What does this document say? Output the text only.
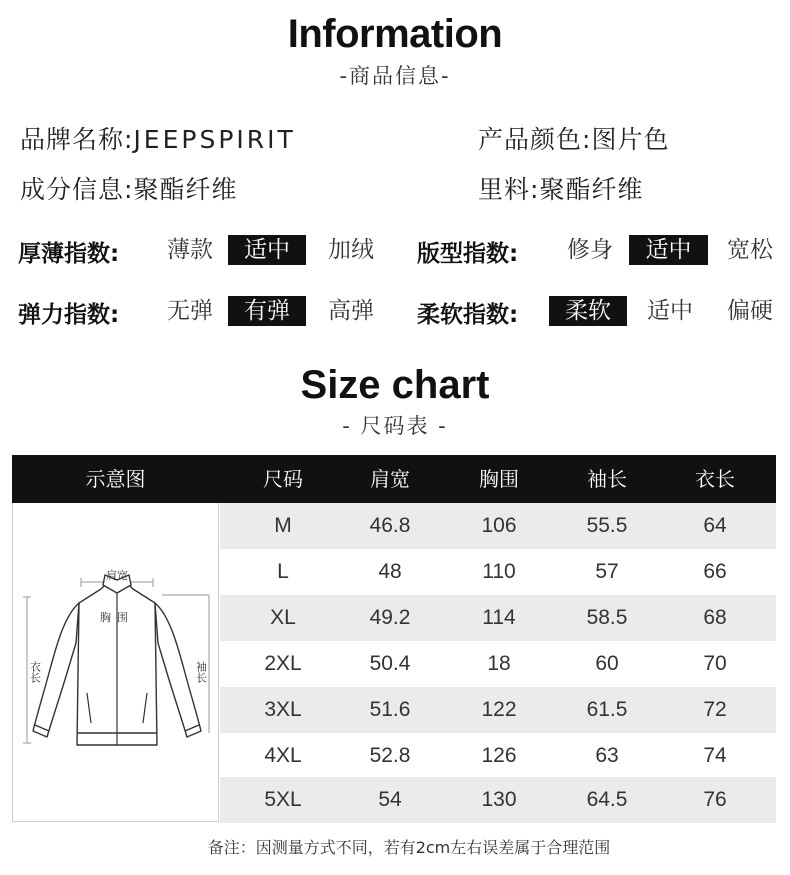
Information
-商品信息-
品牌名称:JEEPSPIRIT	产品颜色:图片色
成分信息:聚酯纤维	里料:聚酯纤维
厚薄指数:	薄款	适中	加绒	版型指数:	修身	适中	宽松
弹力指数:	无弹	有弹	高弹	柔软指数:	柔软	适中	偏硬
Size chart
- 尺码表 -
示意图	尺码	肩宽	胸围	袖长	衣长
肩宽
胸围
衣长	袖长
M	46.8	106	55.5	64
L	48	110	57	66
XL	49.2	114	58.5	68
2XL	50.4	18	60	70
3XL	51.6	122	61.5	72
4XL	52.8	126	63	74
5XL	54	130	64.5	76
备注：因测量方式不同，若有2cm左右误差属于合理范围
